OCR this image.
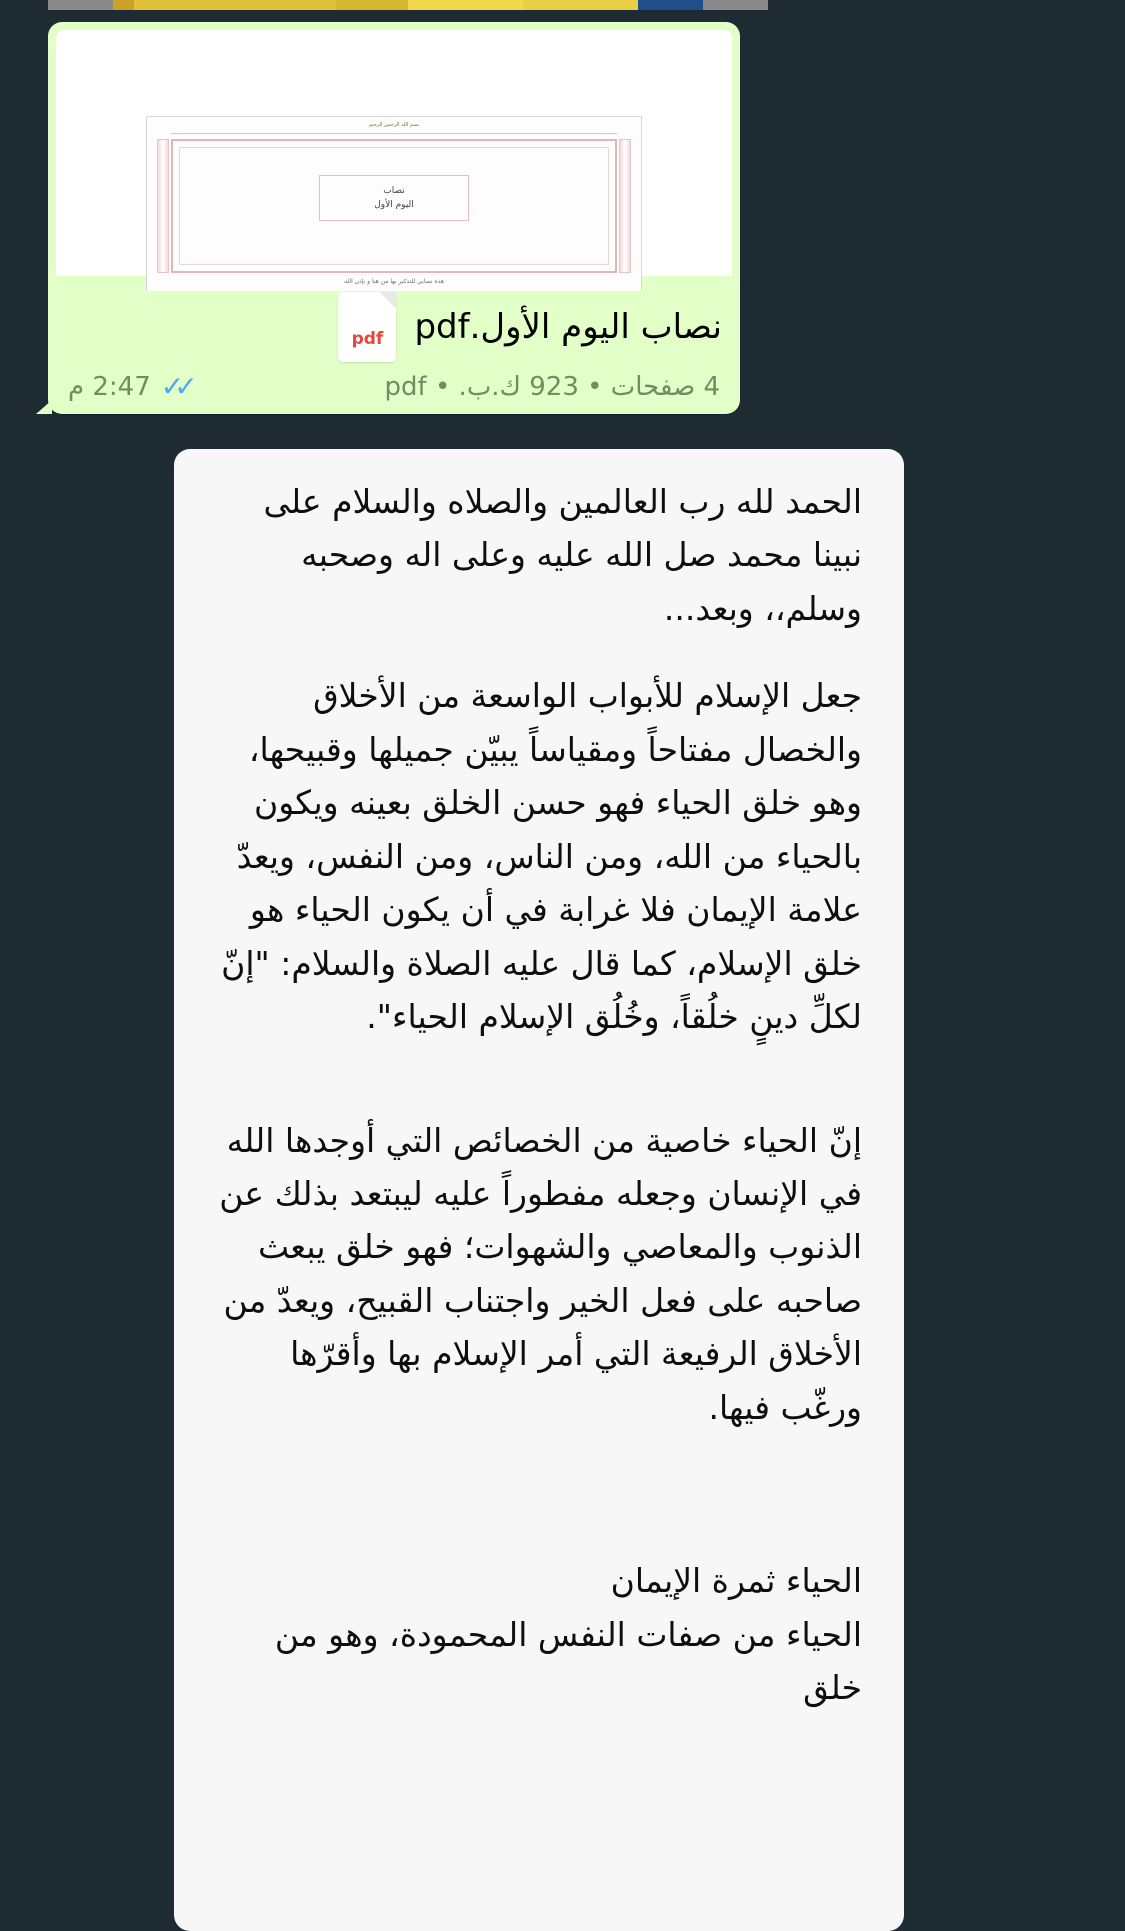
بسم الله الرحمن الرحيم
نصاب
اليوم الأول
هذه نصابي للتذكير بها من هنا و بإذن الله
pdf نصاب اليوم الأول.pdf
✓✓
2:47 م	4 صفحات • 923 ك.ب. • pdf

الحمد لله رب العالمين والصلاه والسلام على نبينا محمد صل الله عليه وعلى اله وصحبه وسلم،، وبعد...

جعل الإسلام للأبواب الواسعة من الأخلاق والخصال مفتاحاً ومقياساً يبيّن جميلها وقبيحها، وهو خلق الحياء فهو حسن الخلق بعينه ويكون بالحياء من الله، ومن الناس، ومن النفس، ويعدّ علامة الإيمان فلا غرابة في أن يكون الحياء هو خلق الإسلام، كما قال عليه الصلاة والسلام: "إنّ لكلِّ دينٍ خلُقاً، وخُلُق الإسلام الحياء".

إنّ الحياء خاصية من الخصائص التي أوجدها الله في الإنسان وجعله مفطوراً عليه ليبتعد بذلك عن الذنوب والمعاصي والشهوات؛ فهو خلق يبعث صاحبه على فعل الخير واجتناب القبيح، ويعدّ من الأخلاق الرفيعة التي أمر الإسلام بها وأقرّها ورغّب فيها.

الحياء ثمرة الإيمان

الحياء من صفات النفس المحمودة، وهو من خلق
